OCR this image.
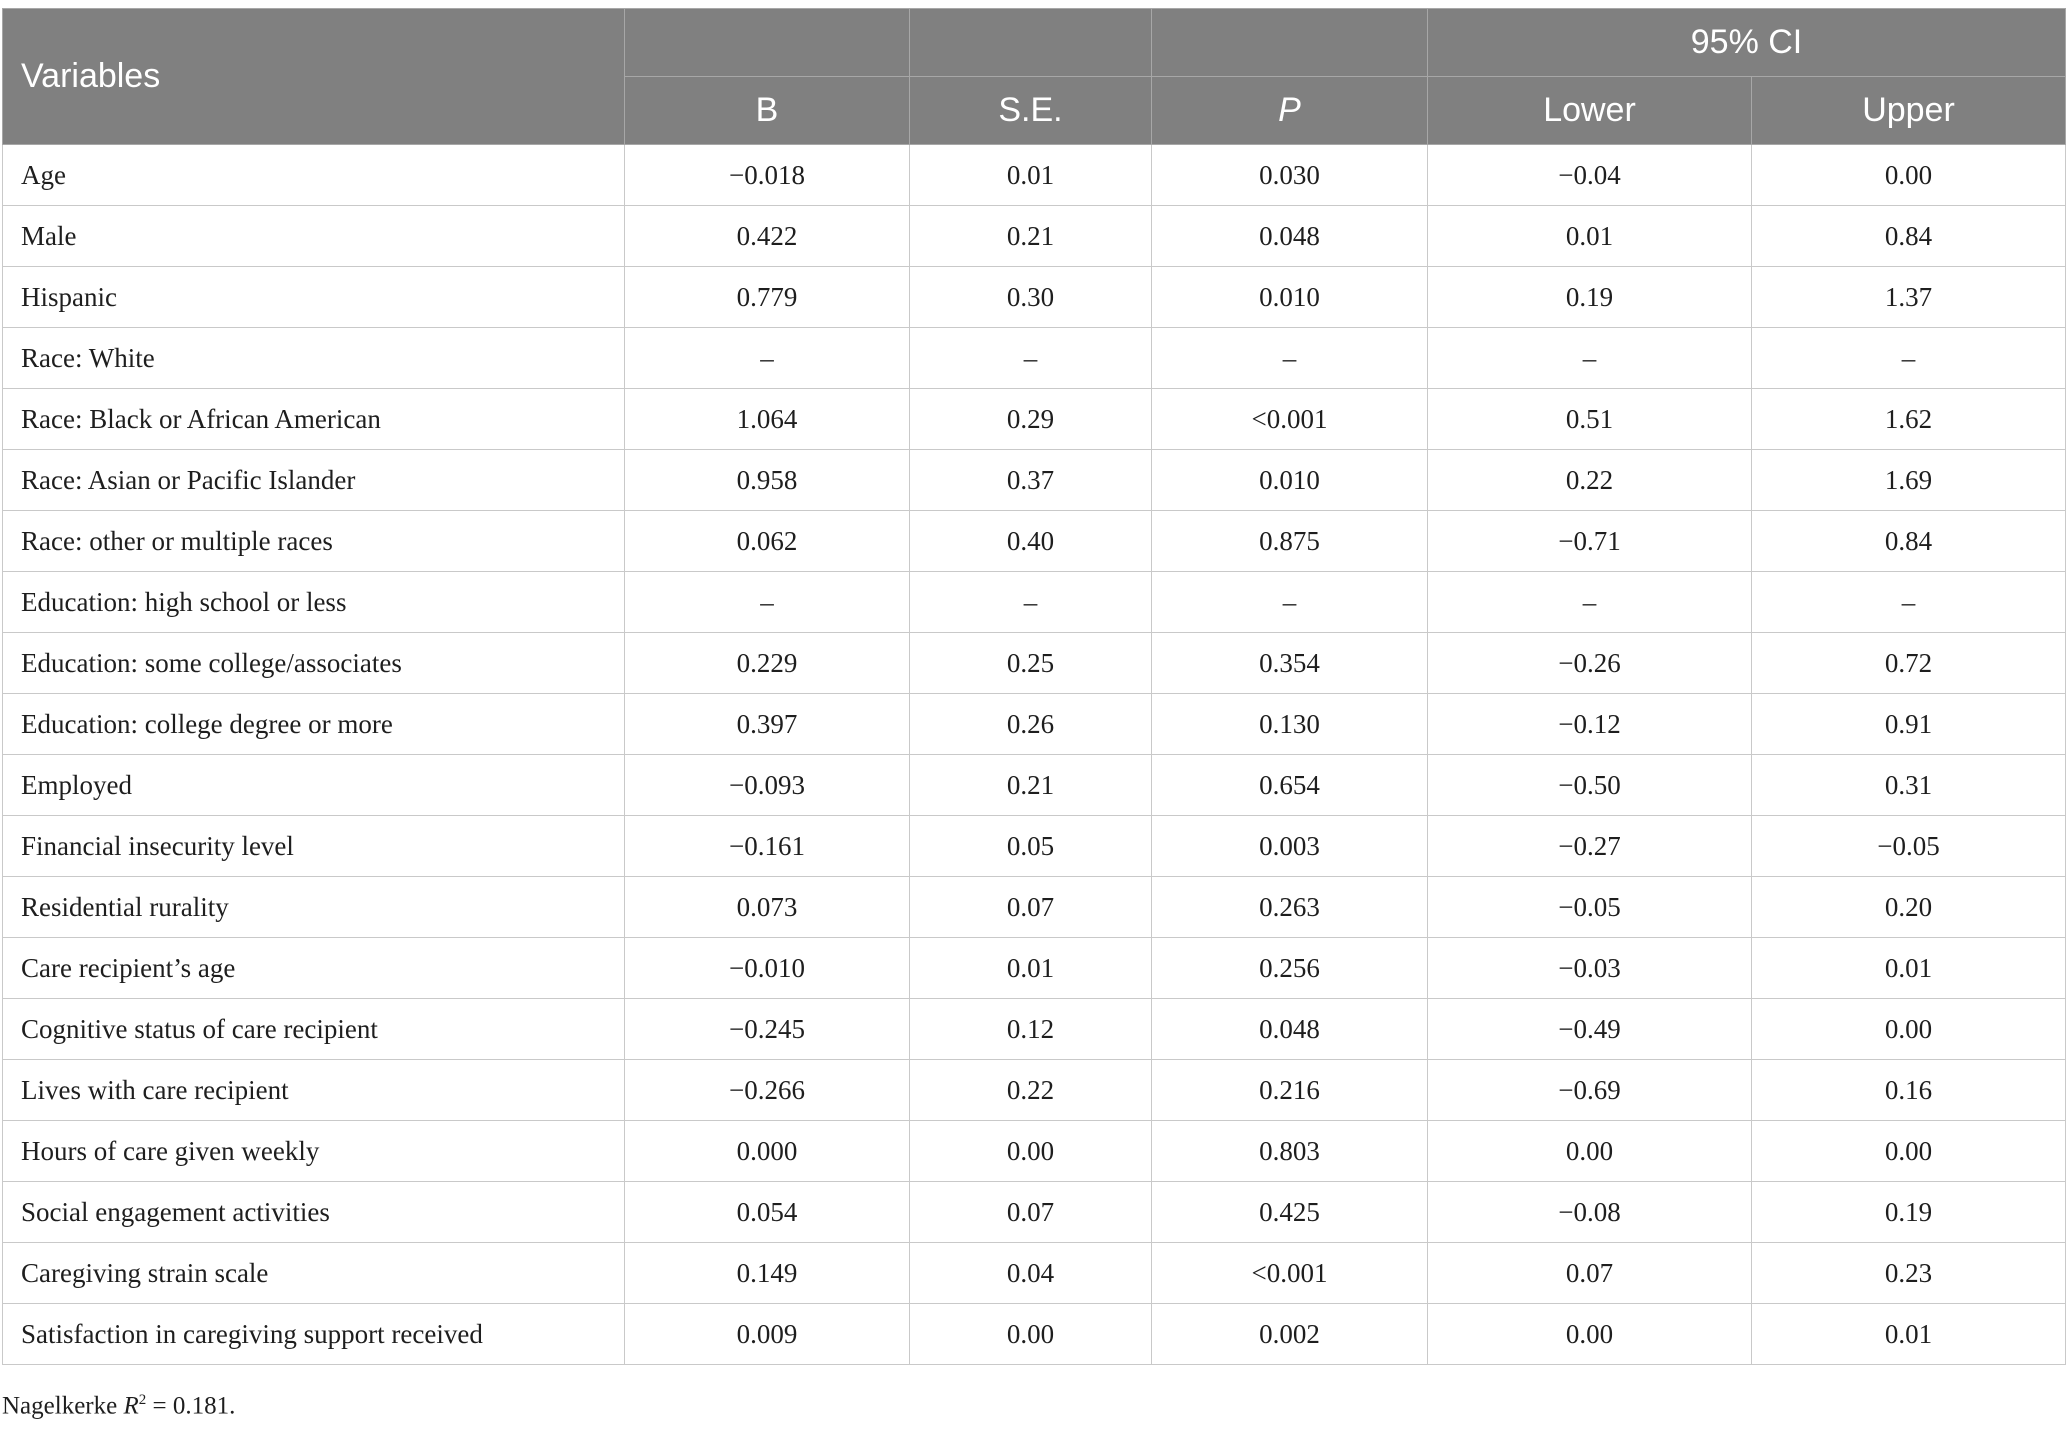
Variables				95% CI	
	B	S.E.	P	Lower	Upper
Age	−0.018	0.01	0.030	−0.04	0.00
Male	0.422	0.21	0.048	0.01	0.84
Hispanic	0.779	0.30	0.010	0.19	1.37
Race: White	–	–	–	–	–
Race: Black or African American	1.064	0.29	<0.001	0.51	1.62
Race: Asian or Pacific Islander	0.958	0.37	0.010	0.22	1.69
Race: other or multiple races	0.062	0.40	0.875	−0.71	0.84
Education: high school or less	–	–	–	–	–
Education: some college/associates	0.229	0.25	0.354	−0.26	0.72
Education: college degree or more	0.397	0.26	0.130	−0.12	0.91
Employed	−0.093	0.21	0.654	−0.50	0.31
Financial insecurity level	−0.161	0.05	0.003	−0.27	−0.05
Residential rurality	0.073	0.07	0.263	−0.05	0.20
Care recipient’s age	−0.010	0.01	0.256	−0.03	0.01
Cognitive status of care recipient	−0.245	0.12	0.048	−0.49	0.00
Lives with care recipient	−0.266	0.22	0.216	−0.69	0.16
Hours of care given weekly	0.000	0.00	0.803	0.00	0.00
Social engagement activities	0.054	0.07	0.425	−0.08	0.19
Caregiving strain scale	0.149	0.04	<0.001	0.07	0.23
Satisfaction in caregiving support received	0.009	0.00	0.002	0.00	0.01
Nagelkerke $R^2 = 0.181$.
